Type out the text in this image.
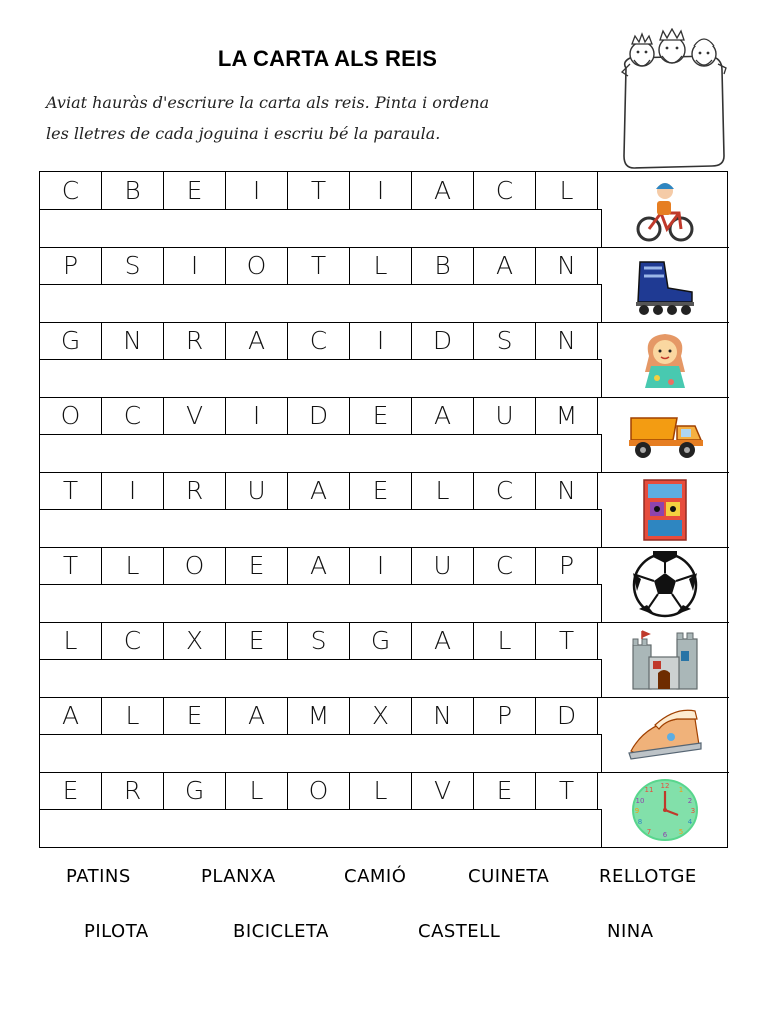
LA CARTA ALS REIS
Aviat hauràs d'escriure la carta als reis. Pinta i ordena
les lletres de cada joguina i escriu bé la paraula.
C	B	E	I	T	I	A	C	L
P	S	I	O	T	L	B	A	N
G	N	R	A	C	I	D	S	N
O	C	V	I	D	E	A	U	M
T	I	R	U	A	E	L	C	N
T	L	O	E	A	I	U	C	P
L	C	X	E	S	G	A	L	T
A	L	E	A	M	X	N	P	D
E	R	G	L	O	L	V	E	T	12 1
2
3
4
5
6
7
8
9
10
11
PATINS	PLANXA	CAMIÓ	CUINETA	RELLOTGE
PILOTA	BICICLETA	CASTELL	NINA
